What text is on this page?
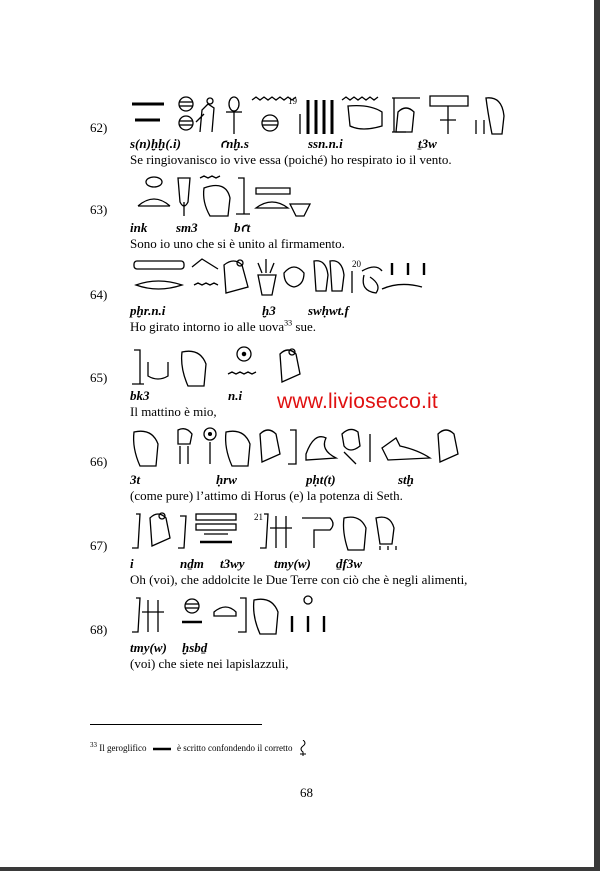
62)
19
s(n)ḫḫ(.i)	ꜥnḫ.s	ssn.n.i	ṯ3w
Se ringiovanisco io vive essa (poiché) ho respirato io il vento.
63)
ink sm3	bꜥt
Sono io uno che si è unito al firmamento.
64)
20
pḫr.n.i	ḫ3 swḥwt.f
Ho girato intorno io alle uova$^{33}$ sue.
65)
bk3	n.i
Il mattino è mio,	www.liviosecco.it
66)
3t	ḥrw	pḥt(t)	stḫ
(come pure) l’attimo di Horus (e) la potenza di Seth.
67)
21
i	nḏm t3wy tmy(w) ḏf3w
Oh (voi), che addolcite le Due Terre con ciò che è negli alimenti,
68)
tmy(w) ḫsbḏ
(voi) che siete nei lapislazzuli,
$^{33}$ Il geroglifico	è scritto confondendo il corretto
68
